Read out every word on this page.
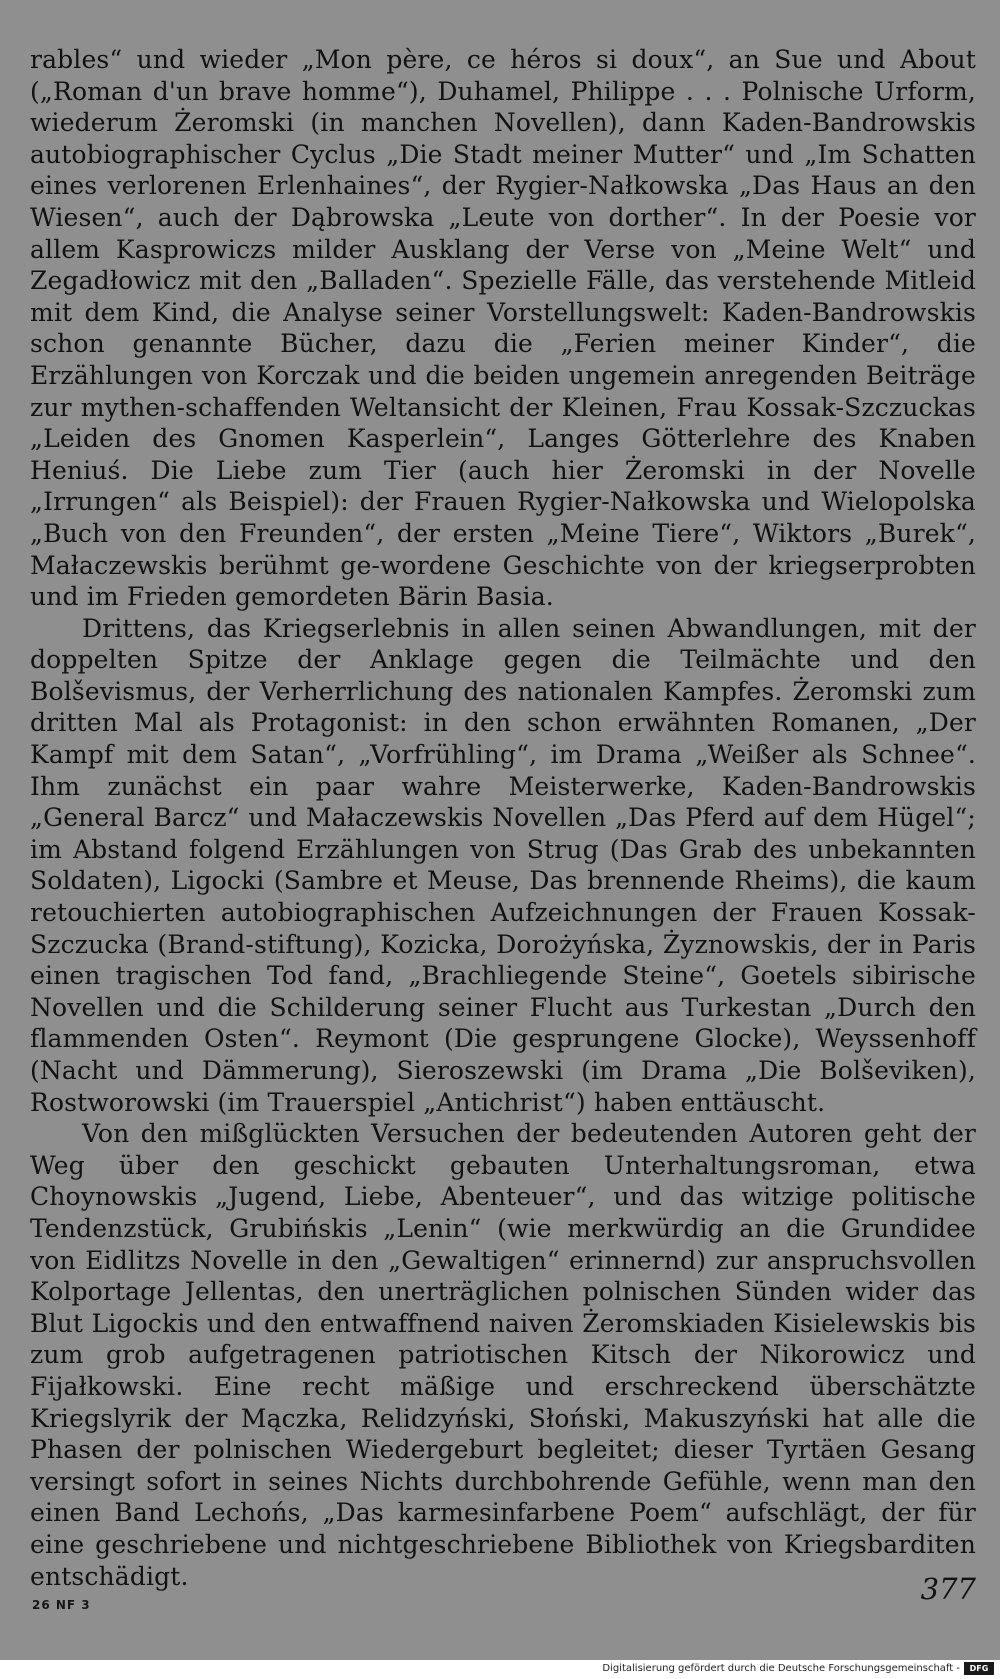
rables“ und wieder „Mon père, ce héros si doux“, an Sue und About („Roman d'un brave homme“), Duhamel, Philippe . . . Polnische Urform, wiederum Żeromski (in manchen Novellen), dann Kaden-Bandrowskis autobiographischer Cyclus „Die Stadt meiner Mutter“ und „Im Schatten eines verlorenen Erlenhaines“, der Rygier-Nałkowska „Das Haus an den Wiesen“, auch der Dąbrowska „Leute von dorther“. In der Poesie vor allem Kasprowiczs milder Ausklang der Verse von „Meine Welt“ und Zegadłowicz mit den „Balladen“. Spezielle Fälle, das verstehende Mitleid mit dem Kind, die Analyse seiner Vorstellungswelt: Kaden-Bandrowskis schon genannte Bücher, dazu die „Ferien meiner Kinder“, die Erzählungen von Korczak und die beiden ungemein anregenden Beiträge zur mythen-schaffenden Weltansicht der Kleinen, Frau Kossak-Szczuckas „Leiden des Gnomen Kasperlein“, Langes Götterlehre des Knaben Heniuś. Die Liebe zum Tier (auch hier Żeromski in der Novelle „Irrungen“ als Beispiel): der Frauen Rygier-Nałkowska und Wielopolska „Buch von den Freunden“, der ersten „Meine Tiere“, Wiktors „Burek“, Małaczewskis berühmt ge-wordene Geschichte von der kriegserprobten und im Frieden gemordeten Bärin Basia.

Drittens, das Kriegserlebnis in allen seinen Abwandlungen, mit der doppelten Spitze der Anklage gegen die Teilmächte und den Bolševismus, der Verherrlichung des nationalen Kampfes. Żeromski zum dritten Mal als Protagonist: in den schon erwähnten Romanen, „Der Kampf mit dem Satan“, „Vorfrühling“, im Drama „Weißer als Schnee“. Ihm zunächst ein paar wahre Meisterwerke, Kaden-Bandrowskis „General Barcz“ und Małaczewskis Novellen „Das Pferd auf dem Hügel“; im Abstand folgend Erzählungen von Strug (Das Grab des unbekannten Soldaten), Ligocki (Sambre et Meuse, Das brennende Rheims), die kaum retouchierten autobiographischen Aufzeichnungen der Frauen Kossak-Szczucka (Brand-stiftung), Kozicka, Dorożyńska, Żyznowskis, der in Paris einen tragischen Tod fand, „Brachliegende Steine“, Goetels sibirische Novellen und die Schilderung seiner Flucht aus Turkestan „Durch den flammenden Osten“. Reymont (Die gesprungene Glocke), Weyssenhoff (Nacht und Dämmerung), Sieroszewski (im Drama „Die Bolševiken), Rostworowski (im Trauerspiel „Antichrist“) haben enttäuscht.

Von den mißglückten Versuchen der bedeutenden Autoren geht der Weg über den geschickt gebauten Unterhaltungsroman, etwa Choynowskis „Jugend, Liebe, Abenteuer“, und das witzige politische Tendenzstück, Grubińskis „Lenin“ (wie merkwürdig an die Grundidee von Eidlitzs Novelle in den „Gewaltigen“ erinnernd) zur anspruchsvollen Kolportage Jellentas, den unerträglichen polnischen Sünden wider das Blut Ligockis und den entwaffnend naiven Żeromskiaden Kisielewskis bis zum grob aufgetragenen patriotischen Kitsch der Nikorowicz und Fijałkowski. Eine recht mäßige und erschreckend überschätzte Kriegslyrik der Mączka, Relidzyński, Słoński, Makuszyński hat alle die Phasen der polnischen Wiedergeburt begleitet; dieser Tyrtäen Gesang versingt sofort in seines Nichts durchbohrende Gefühle, wenn man den einen Band Lechońs, „Das karmesinfarbene Poem“ aufschlägt, der für eine geschriebene und nichtgeschriebene Bibliothek von Kriegsbarditen entschädigt.

26 NF 3	377
Digitalisierung gefördert durch die Deutsche Forschungsgemeinschaft -	DFG
